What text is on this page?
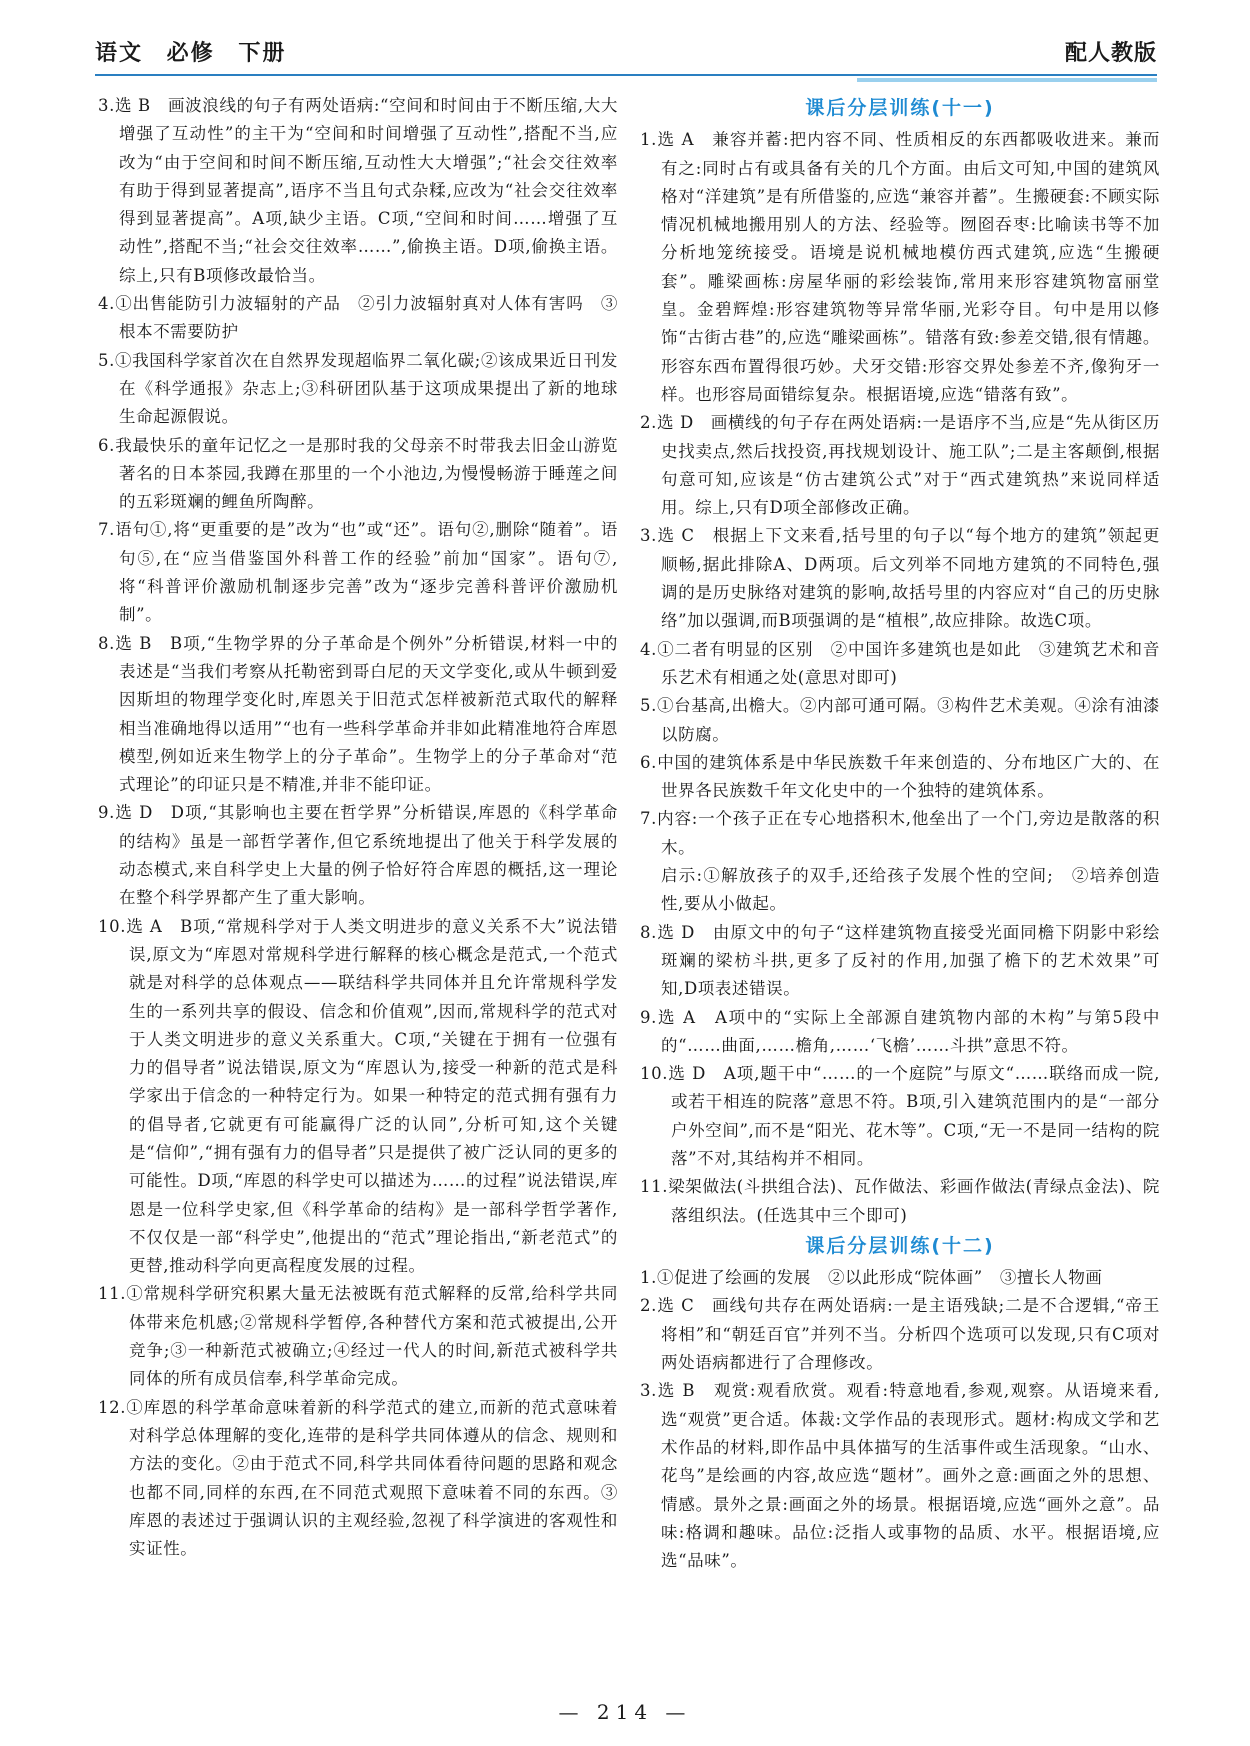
语文 必修 下册	配人教版
3.选 B　画波浪线的句子有两处语病:“空间和时间由于不断压缩,大大增强了互动性”的主干为“空间和时间增强了互动性”,搭配不当,应改为“由于空间和时间不断压缩,互动性大大增强”;“社会交往效率有助于得到显著提高”,语序不当且句式杂糅,应改为“社会交往效率得到显著提高”。A项,缺少主语。C项,“空间和时间……增强了互动性”,搭配不当;“社会交往效率……”,偷换主语。D项,偷换主语。综上,只有B项修改最恰当。
4.①出售能防引力波辐射的产品　②引力波辐射真对人体有害吗　③根本不需要防护
5.①我国科学家首次在自然界发现超临界二氧化碳;②该成果近日刊发在《科学通报》杂志上;③科研团队基于这项成果提出了新的地球生命起源假说。
6.我最快乐的童年记忆之一是那时我的父母亲不时带我去旧金山游览著名的日本茶园,我蹲在那里的一个小池边,为慢慢畅游于睡莲之间的五彩斑斓的鲤鱼所陶醉。
7.语句①,将“更重要的是”改为“也”或“还”。语句②,删除“随着”。语句⑤,在“应当借鉴国外科普工作的经验”前加“国家”。语句⑦,将“科普评价激励机制逐步完善”改为“逐步完善科普评价激励机制”。
8.选 B　B项,“生物学界的分子革命是个例外”分析错误,材料一中的表述是“当我们考察从托勒密到哥白尼的天文学变化,或从牛顿到爱因斯坦的物理学变化时,库恩关于旧范式怎样被新范式取代的解释相当准确地得以适用”“也有一些科学革命并非如此精准地符合库恩模型,例如近来生物学上的分子革命”。生物学上的分子革命对“范式理论”的印证只是不精准,并非不能印证。
9.选 D　D项,“其影响也主要在哲学界”分析错误,库恩的《科学革命的结构》虽是一部哲学著作,但它系统地提出了他关于科学发展的动态模式,来自科学史上大量的例子恰好符合库恩的概括,这一理论在整个科学界都产生了重大影响。
10.选 A　B项,“常规科学对于人类文明进步的意义关系不大”说法错误,原文为“库恩对常规科学进行解释的核心概念是范式,一个范式就是对科学的总体观点——联结科学共同体并且允许常规科学发生的一系列共享的假设、信念和价值观”,因而,常规科学的范式对于人类文明进步的意义关系重大。C项,“关键在于拥有一位强有力的倡导者”说法错误,原文为“库恩认为,接受一种新的范式是科学家出于信念的一种特定行为。如果一种特定的范式拥有强有力的倡导者,它就更有可能赢得广泛的认同”,分析可知,这个关键是“信仰”,“拥有强有力的倡导者”只是提供了被广泛认同的更多的可能性。D项,“库恩的科学史可以描述为……的过程”说法错误,库恩是一位科学史家,但《科学革命的结构》是一部科学哲学著作,不仅仅是一部“科学史”,他提出的“范式”理论指出,“新老范式”的更替,推动科学向更高程度发展的过程。
11.①常规科学研究积累大量无法被既有范式解释的反常,给科学共同体带来危机感;②常规科学暂停,各种替代方案和范式被提出,公开竞争;③一种新范式被确立;④经过一代人的时间,新范式被科学共同体的所有成员信奉,科学革命完成。
12.①库恩的科学革命意味着新的科学范式的建立,而新的范式意味着对科学总体理解的变化,连带的是科学共同体遵从的信念、规则和方法的变化。②由于范式不同,科学共同体看待问题的思路和观念也都不同,同样的东西,在不同范式观照下意味着不同的东西。③库恩的表述过于强调认识的主观经验,忽视了科学演进的客观性和实证性。
课后分层训练(十一)
1.选 A　兼容并蓄:把内容不同、性质相反的东西都吸收进来。兼而有之:同时占有或具备有关的几个方面。由后文可知,中国的建筑风格对“洋建筑”是有所借鉴的,应选“兼容并蓄”。生搬硬套:不顾实际情况机械地搬用别人的方法、经验等。囫囵吞枣:比喻读书等不加分析地笼统接受。语境是说机械地模仿西式建筑,应选“生搬硬套”。雕梁画栋:房屋华丽的彩绘装饰,常用来形容建筑物富丽堂皇。金碧辉煌:形容建筑物等异常华丽,光彩夺目。句中是用以修饰“古街古巷”的,应选“雕梁画栋”。错落有致:参差交错,很有情趣。形容东西布置得很巧妙。犬牙交错:形容交界处参差不齐,像狗牙一样。也形容局面错综复杂。根据语境,应选“错落有致”。
2.选 D　画横线的句子存在两处语病:一是语序不当,应是“先从街区历史找卖点,然后找投资,再找规划设计、施工队”;二是主客颠倒,根据句意可知,应该是“仿古建筑公式”对于“西式建筑热”来说同样适用。综上,只有D项全部修改正确。
3.选 C　根据上下文来看,括号里的句子以“每个地方的建筑”领起更顺畅,据此排除A、D两项。后文列举不同地方建筑的不同特色,强调的是历史脉络对建筑的影响,故括号里的内容应对“自己的历史脉络”加以强调,而B项强调的是“植根”,故应排除。故选C项。
4.①二者有明显的区别　②中国许多建筑也是如此　③建筑艺术和音乐艺术有相通之处(意思对即可)
5.①台基高,出檐大。②内部可通可隔。③构件艺术美观。④涂有油漆以防腐。
6.中国的建筑体系是中华民族数千年来创造的、分布地区广大的、在世界各民族数千年文化史中的一个独特的建筑体系。
7.内容:一个孩子正在专心地搭积木,他垒出了一个门,旁边是散落的积木。
启示:①解放孩子的双手,还给孩子发展个性的空间;　②培养创造性,要从小做起。
8.选 D　由原文中的句子“这样建筑物直接受光面同檐下阴影中彩绘斑斓的梁枋斗拱,更多了反衬的作用,加强了檐下的艺术效果”可知,D项表述错误。
9.选 A　A项中的“实际上全部源自建筑物内部的木构”与第5段中的“……曲面,……檐角,……‘飞檐’……斗拱”意思不符。
10.选 D　A项,题干中“……的一个庭院”与原文“……联络而成一院,或若干相连的院落”意思不符。B项,引入建筑范围内的是“一部分户外空间”,而不是“阳光、花木等”。C项,“无一不是同一结构的院落”不对,其结构并不相同。
11.梁架做法(斗拱组合法)、瓦作做法、彩画作做法(青绿点金法)、院落组织法。(任选其中三个即可)
课后分层训练(十二)
1.①促进了绘画的发展　②以此形成“院体画”　③擅长人物画
2.选 C　画线句共存在两处语病:一是主语残缺;二是不合逻辑,“帝王将相”和“朝廷百官”并列不当。分析四个选项可以发现,只有C项对两处语病都进行了合理修改。
3.选 B　观赏:观看欣赏。观看:特意地看,参观,观察。从语境来看,选“观赏”更合适。体裁:文学作品的表现形式。题材:构成文学和艺术作品的材料,即作品中具体描写的生活事件或生活现象。“山水、花鸟”是绘画的内容,故应选“题材”。画外之意:画面之外的思想、情感。景外之景:画面之外的场景。根据语境,应选“画外之意”。品味:格调和趣味。品位:泛指人或事物的品质、水平。根据语境,应选“品味”。
— 214 —
